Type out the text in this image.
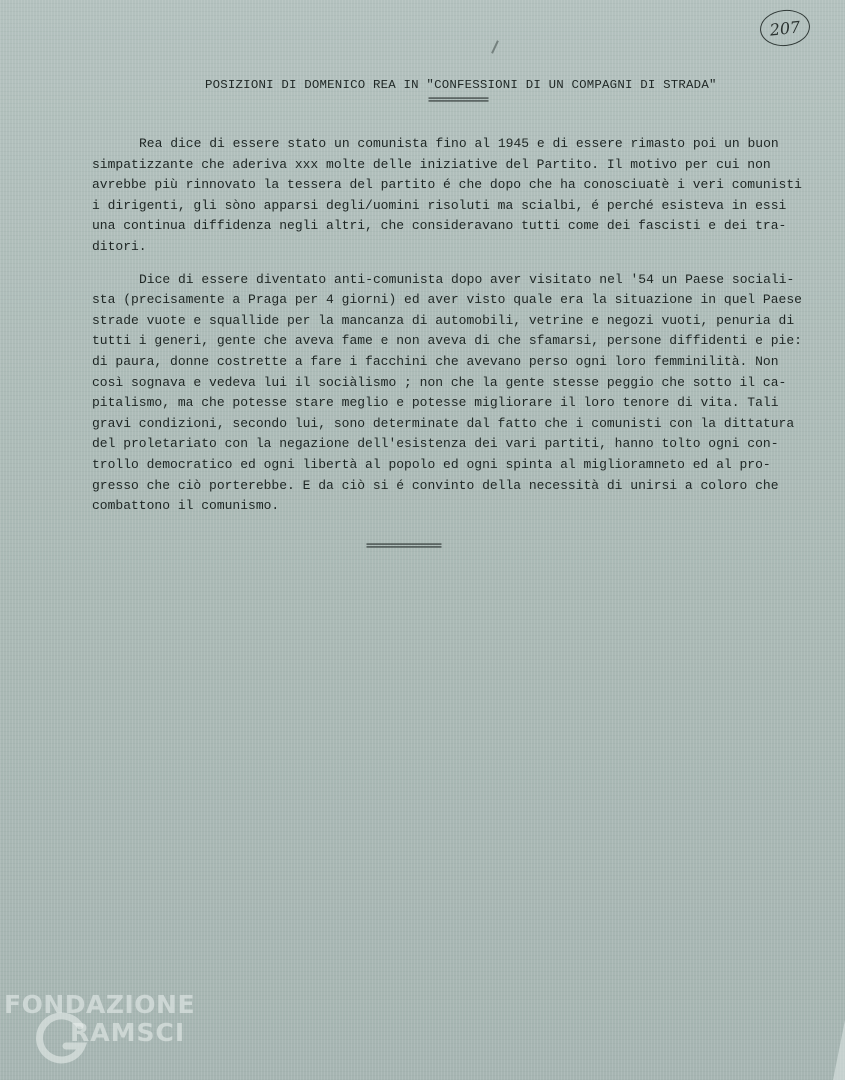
207
POSIZIONI DI DOMENICO REA IN "CONFESSIONI DI UN COMPAGNI DI STRADA"
============

Rea dice di essere stato un comunista fino al 1945 e di essere rimasto poi un buon
simpatizzante che aderiva xxx molte delle iniziative del Partito. Il motivo per cui non
avrebbe più rinnovato la tessera del partito é che dopo che ha conosciuatè i veri comunisti
i dirigenti, gli sòno apparsi degli/uomini risoluti ma scialbi, é perché esisteva in essi
una continua diffidenza negli altri, che consideravano tutti come dei fascisti e dei tra-
ditori.

Dice di essere diventato anti-comunista dopo aver visitato nel '54 un Paese sociali-
sta (precisamente a Praga per 4 giorni) ed aver visto quale era la situazione in quel Paese
strade vuote e squallide per la mancanza di automobili, vetrine e negozi vuoti, penuria di
tutti i generi, gente che aveva fame e non aveva di che sfamarsi, persone diffidenti e pie:
di paura, donne costrette a fare i facchini che avevano perso ogni loro femminilità. Non
così sognava e vedeva lui il sociàlismo ; non che la gente stesse peggio che sotto il ca-
pitalismo, ma che potesse stare meglio e potesse migliorare il loro tenore di vita. Tali
gravi condizioni, secondo lui, sono determinate dal fatto che i comunisti con la dittatura
del proletariato con la negazione dell'esistenza dei vari partiti, hanno tolto ogni con-
trollo democratico ed ogni libertà al popolo ed ogni spinta al miglioramneto ed al pro-
gresso che ciò porterebbe. E da ciò si é convinto della necessità di unirsi a coloro che
combattono il comunismo.

===============
FONDAZIONE
RAMSCI
